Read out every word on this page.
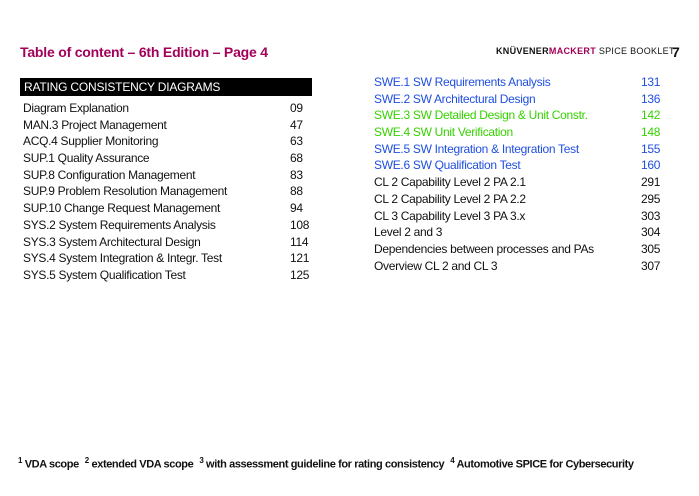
Table of content – 6th Edition – Page 4	KNÜVENERMACKERT SPICE BOOKLET
7
RATING CONSISTENCY DIAGRAMS
Diagram Explanation	09
MAN.3 Project Management	47
ACQ.4 Supplier Monitoring	63
SUP.1 Quality Assurance	68
SUP.8 Configuration Management	83
SUP.9 Problem Resolution Management	88
SUP.10 Change Request Management	94
SYS.2 System Requirements Analysis	108
SYS.3 System Architectural Design	114
SYS.4 System Integration & Integr. Test	121
SYS.5 System Qualification Test	125
SWE.1 SW Requirements Analysis	131
SWE.2 SW Architectural Design	136
SWE.3 SW Detailed Design & Unit Constr.	142
SWE.4 SW Unit Verification	148
SWE.5 SW Integration & Integration Test	155
SWE.6 SW Qualification Test	160
CL 2 Capability Level 2 PA 2.1	291
CL 2 Capability Level 2 PA 2.2	295
CL 3 Capability Level 3 PA 3.x	303
Level 2 and 3	304
Dependencies between processes and PAs	305
Overview CL 2 and CL 3	307
$^1$ VDA scope $^2$ extended VDA scope $^3$ with assessment guideline for rating consistency $^4$ Automotive SPICE for Cybersecurity
